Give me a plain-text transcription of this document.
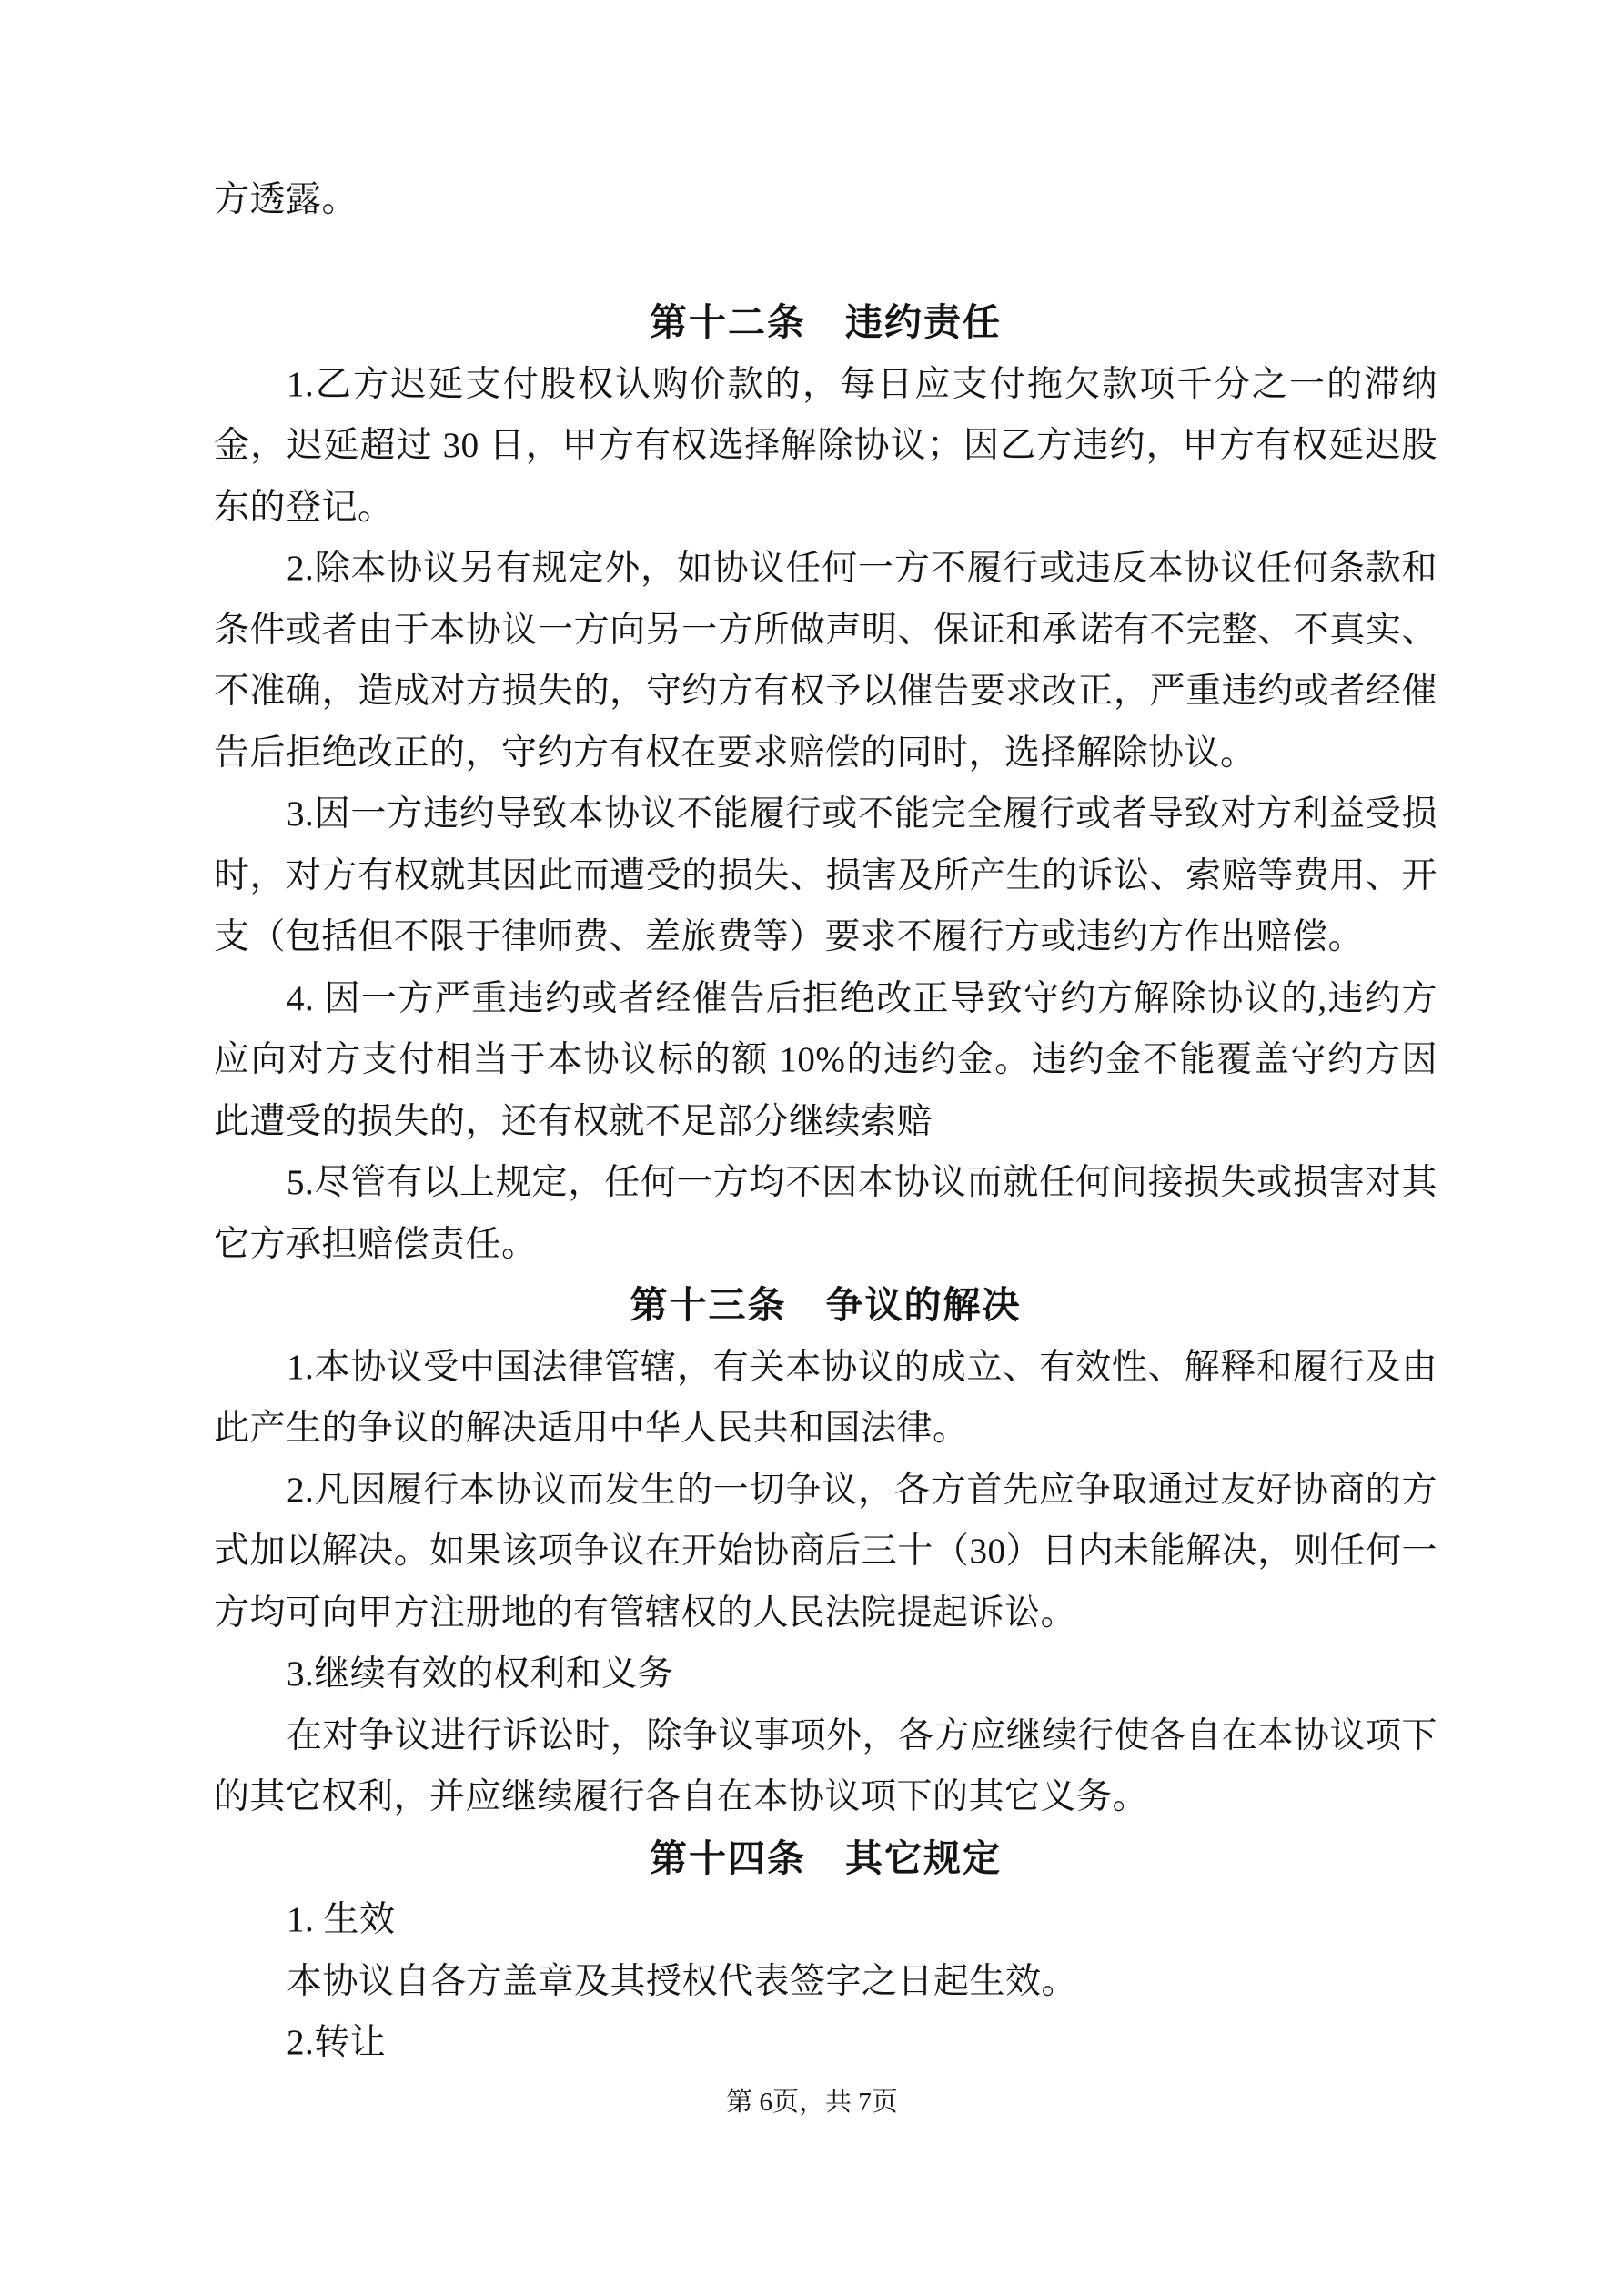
方透露。

第十二条　违约责任

1.乙方迟延支付股权认购价款的，每日应支付拖欠款项千分之一的滞纳金，迟延超过 30 日，甲方有权选择解除协议；因乙方违约，甲方有权延迟股东的登记。

2.除本协议另有规定外，如协议任何一方不履行或违反本协议任何条款和条件或者由于本协议一方向另一方所做声明、保证和承诺有不完整、不真实、不准确，造成对方损失的，守约方有权予以催告要求改正，严重违约或者经催告后拒绝改正的，守约方有权在要求赔偿的同时，选择解除协议。

3.因一方违约导致本协议不能履行或不能完全履行或者导致对方利益受损时，对方有权就其因此而遭受的损失、损害及所产生的诉讼、索赔等费用、开支（包括但不限于律师费、差旅费等）要求不履行方或违约方作出赔偿。

4. 因一方严重违约或者经催告后拒绝改正导致守约方解除协议的,违约方应向对方支付相当于本协议标的额 10%的违约金。违约金不能覆盖守约方因此遭受的损失的，还有权就不足部分继续索赔

5.尽管有以上规定，任何一方均不因本协议而就任何间接损失或损害对其它方承担赔偿责任。

第十三条　争议的解决

1.本协议受中国法律管辖，有关本协议的成立、有效性、解释和履行及由此产生的争议的解决适用中华人民共和国法律。

2.凡因履行本协议而发生的一切争议，各方首先应争取通过友好协商的方式加以解决。如果该项争议在开始协商后三十（30）日内未能解决，则任何一方均可向甲方注册地的有管辖权的人民法院提起诉讼。

3.继续有效的权利和义务

在对争议进行诉讼时，除争议事项外，各方应继续行使各自在本协议项下的其它权利，并应继续履行各自在本协议项下的其它义务。

第十四条　其它规定

1. 生效

本协议自各方盖章及其授权代表签字之日起生效。

2.转让

第 6页，共 7页
